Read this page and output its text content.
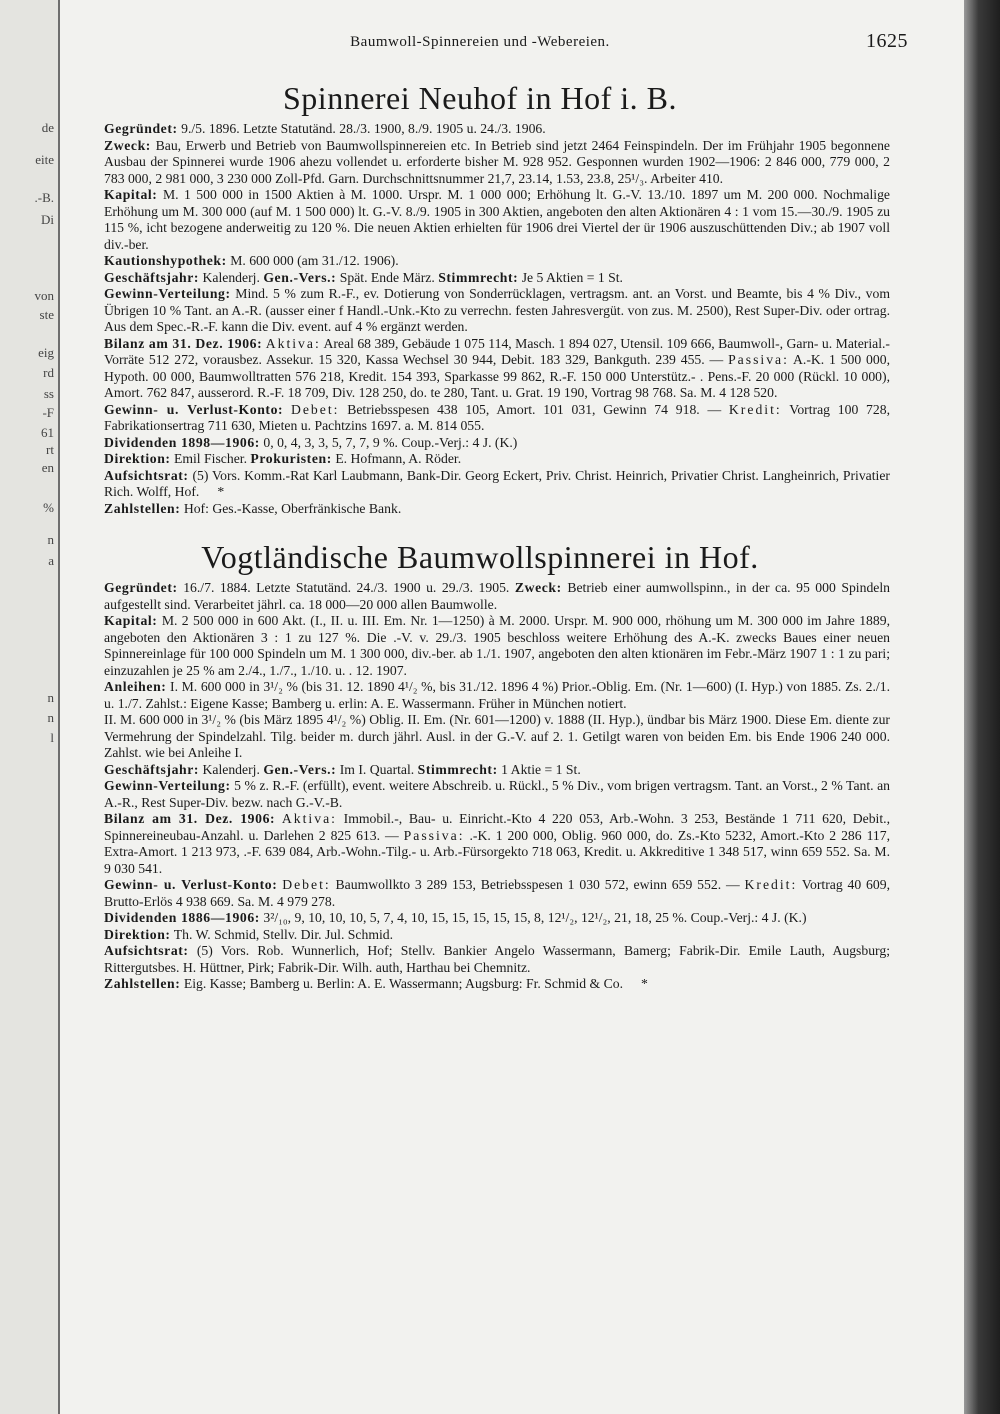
de
eite
.-B.
Di
von
ste
eig
rd
ss
-F
61
rt
en
%
n
a
n
n
l
Baumwoll-Spinnereien und -Webereien.	1625
Spinnerei Neuhof in Hof i. B.

Gegründet: 9./5. 1896. Letzte Statutänd. 28./3. 1900, 8./9. 1905 u. 24./3. 1906.

Zweck: Bau, Erwerb und Betrieb von Baumwollspinnereien etc. In Betrieb sind jetzt 2464 Feinspindeln. Der im Frühjahr 1905 begonnene Ausbau der Spinnerei wurde 1906 ahezu vollendet u. erforderte bisher M. 928 952. Gesponnen wurden 1902—1906: 2 846 000, 779 000, 2 783 000, 2 981 000, 3 230 000 Zoll-Pfd. Garn. Durchschnittsnummer 21,7, 23.14, 1.53, 23.8, 25¹/₃. Arbeiter 410.

Kapital: M. 1 500 000 in 1500 Aktien à M. 1000. Urspr. M. 1 000 000; Erhöhung lt. G.-V. 13./10. 1897 um M. 200 000. Nochmalige Erhöhung um M. 300 000 (auf M. 1 500 000) lt. G.-V. 8./9. 1905 in 300 Aktien, angeboten den alten Aktionären 4 : 1 vom 15.—30./9. 1905 zu 115 %, icht bezogene anderweitig zu 120 %. Die neuen Aktien erhielten für 1906 drei Viertel der ür 1906 auszuschüttenden Div.; ab 1907 voll div.-ber.

Kautionshypothek: M. 600 000 (am 31./12. 1906).

Geschäftsjahr: Kalenderj. Gen.-Vers.: Spät. Ende März. Stimmrecht: Je 5 Aktien = 1 St.

Gewinn-Verteilung: Mind. 5 % zum R.-F., ev. Dotierung von Sonderrücklagen, vertragsm. ant. an Vorst. und Beamte, bis 4 % Div., vom Übrigen 10 % Tant. an A.-R. (ausser einer f Handl.-Unk.-Kto zu verrechn. festen Jahresvergüt. von zus. M. 2500), Rest Super-Div. oder ortrag. Aus dem Spec.-R.-F. kann die Div. event. auf 4 % ergänzt werden.

Bilanz am 31. Dez. 1906: Aktiva: Areal 68 389, Gebäude 1 075 114, Masch. 1 894 027, Utensil. 109 666, Baumwoll-, Garn- u. Material.-Vorräte 512 272, vorausbez. Assekur. 15 320, Kassa Wechsel 30 944, Debit. 183 329, Bankguth. 239 455. — Passiva: A.-K. 1 500 000, Hypoth. 00 000, Baumwolltratten 576 218, Kredit. 154 393, Sparkasse 99 862, R.-F. 150 000 Unterstütz.- . Pens.-F. 20 000 (Rückl. 10 000), Amort. 762 847, ausserord. R.-F. 18 709, Div. 128 250, do. te 280, Tant. u. Grat. 19 190, Vortrag 98 768. Sa. M. 4 128 520.

Gewinn- u. Verlust-Konto: Debet: Betriebsspesen 438 105, Amort. 101 031, Gewinn 74 918. — Kredit: Vortrag 100 728, Fabrikationsertrag 711 630, Mieten u. Pachtzins 1697. a. M. 814 055.

Dividenden 1898—1906: 0, 0, 4, 3, 3, 5, 7, 7, 9 %. Coup.-Verj.: 4 J. (K.)

Direktion: Emil Fischer. Prokuristen: E. Hofmann, A. Röder.

Aufsichtsrat: (5) Vors. Komm.-Rat Karl Laubmann, Bank-Dir. Georg Eckert, Priv. Christ. Heinrich, Privatier Christ. Langheinrich, Privatier Rich. Wolff, Hof. *

Zahlstellen: Hof: Ges.-Kasse, Oberfränkische Bank.

Vogtländische Baumwollspinnerei in Hof.

Gegründet: 16./7. 1884. Letzte Statutänd. 24./3. 1900 u. 29./3. 1905. Zweck: Betrieb einer aumwollspinn., in der ca. 95 000 Spindeln aufgestellt sind. Verarbeitet jährl. ca. 18 000—20 000 allen Baumwolle.

Kapital: M. 2 500 000 in 600 Akt. (I., II. u. III. Em. Nr. 1—1250) à M. 2000. Urspr. M. 900 000, rhöhung um M. 300 000 im Jahre 1889, angeboten den Aktionären 3 : 1 zu 127 %. Die .-V. v. 29./3. 1905 beschloss weitere Erhöhung des A.-K. zwecks Baues einer neuen Spinnereinlage für 100 000 Spindeln um M. 1 300 000, div.-ber. ab 1./1. 1907, angeboten den alten ktionären im Febr.-März 1907 1 : 1 zu pari; einzuzahlen je 25 % am 2./4., 1./7., 1./10. u. . 12. 1907.

Anleihen: I. M. 600 000 in 3¹/₂ % (bis 31. 12. 1890 4¹/₂ %, bis 31./12. 1896 4 %) Prior.-Oblig. Em. (Nr. 1—600) (I. Hyp.) von 1885. Zs. 2./1. u. 1./7. Zahlst.: Eigene Kasse; Bamberg u. erlin: A. E. Wassermann. Früher in München notiert.

II. M. 600 000 in 3¹/₂ % (bis März 1895 4¹/₂ %) Oblig. II. Em. (Nr. 601—1200) v. 1888 (II. Hyp.), ündbar bis März 1900. Diese Em. diente zur Vermehrung der Spindelzahl. Tilg. beider m. durch jährl. Ausl. in der G.-V. auf 2. 1. Getilgt waren von beiden Em. bis Ende 1906 240 000. Zahlst. wie bei Anleihe I.

Geschäftsjahr: Kalenderj. Gen.-Vers.: Im I. Quartal. Stimmrecht: 1 Aktie = 1 St.

Gewinn-Verteilung: 5 % z. R.-F. (erfüllt), event. weitere Abschreib. u. Rückl., 5 % Div., vom brigen vertragsm. Tant. an Vorst., 2 % Tant. an A.-R., Rest Super-Div. bezw. nach G.-V.-B.

Bilanz am 31. Dez. 1906: Aktiva: Immobil.-, Bau- u. Einricht.-Kto 4 220 053, Arb.-Wohn. 3 253, Bestände 1 711 620, Debit., Spinnereineubau-Anzahl. u. Darlehen 2 825 613. — Passiva: .-K. 1 200 000, Oblig. 960 000, do. Zs.-Kto 5232, Amort.-Kto 2 286 117, Extra-Amort. 1 213 973, .-F. 639 084, Arb.-Wohn.-Tilg.- u. Arb.-Fürsorgekto 718 063, Kredit. u. Akkreditive 1 348 517, winn 659 552. Sa. M. 9 030 541.

Gewinn- u. Verlust-Konto: Debet: Baumwollkto 3 289 153, Betriebsspesen 1 030 572, ewinn 659 552. — Kredit: Vortrag 40 609, Brutto-Erlös 4 938 669. Sa. M. 4 979 278.

Dividenden 1886—1906: 3²/₁₀, 9, 10, 10, 10, 5, 7, 4, 10, 15, 15, 15, 15, 15, 8, 12¹/₂, 12¹/₂, 21, 18, 25 %. Coup.-Verj.: 4 J. (K.)

Direktion: Th. W. Schmid, Stellv. Dir. Jul. Schmid.

Aufsichtsrat: (5) Vors. Rob. Wunnerlich, Hof; Stellv. Bankier Angelo Wassermann, Bamerg; Fabrik-Dir. Emile Lauth, Augsburg; Rittergutsbes. H. Hüttner, Pirk; Fabrik-Dir. Wilh. auth, Harthau bei Chemnitz.

Zahlstellen: Eig. Kasse; Bamberg u. Berlin: A. E. Wassermann; Augsburg: Fr. Schmid & Co. *
